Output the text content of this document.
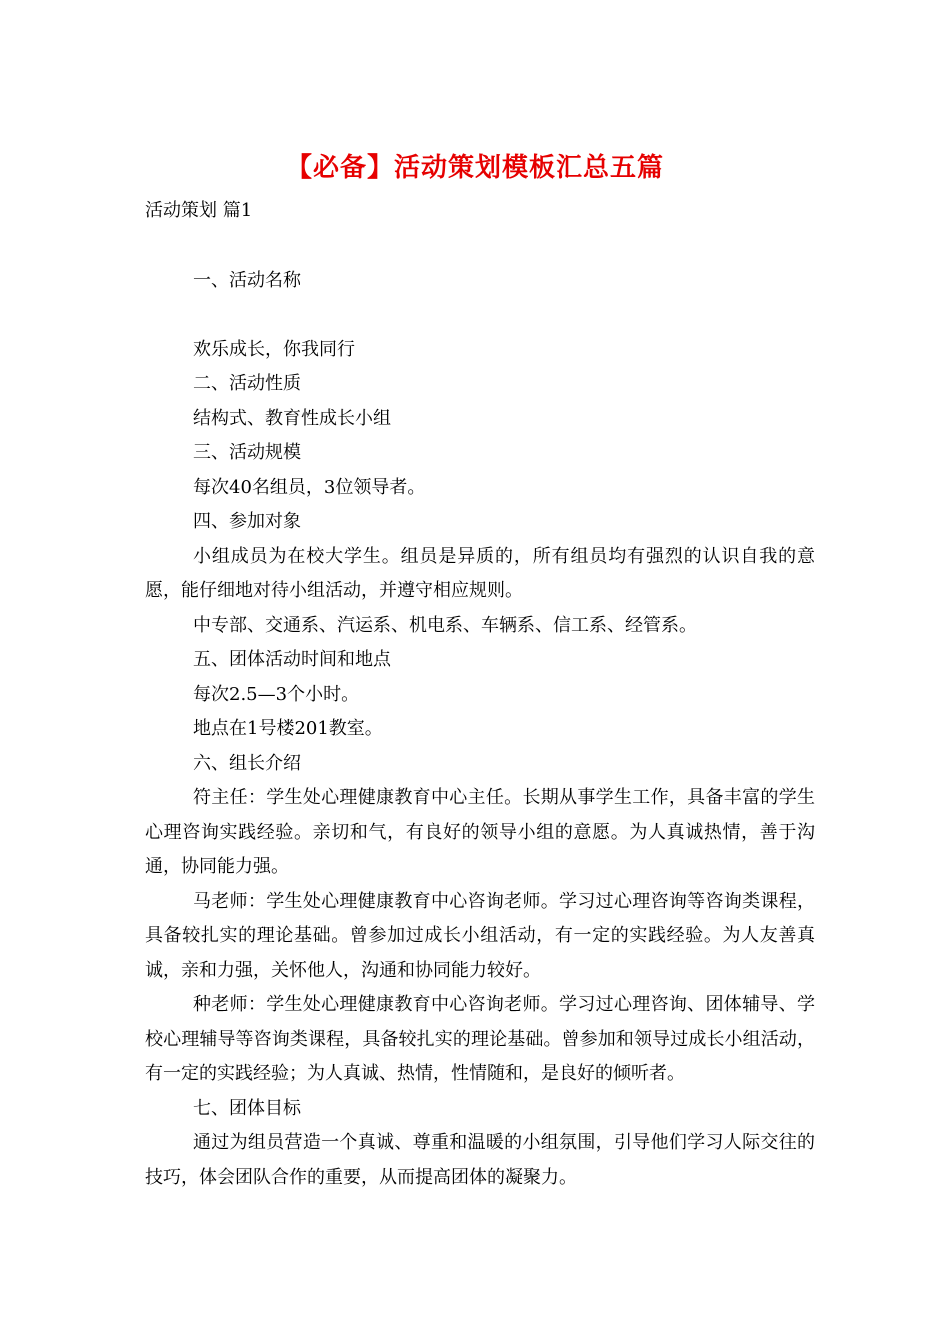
【必备】活动策划模板汇总五篇
活动策划 篇1

一、活动名称

欢乐成长，你我同行

二、活动性质

结构式、教育性成长小组

三、活动规模

每次40名组员，3位领导者。

四、参加对象

小组成员为在校大学生。组员是异质的，所有组员均有强烈的认识自我的意愿，能仔细地对待小组活动，并遵守相应规则。

中专部、交通系、汽运系、机电系、车辆系、信工系、经管系。

五、团体活动时间和地点

每次2.5—3个小时。

地点在1号楼201教室。

六、组长介绍

符主任：学生处心理健康教育中心主任。长期从事学生工作，具备丰富的学生心理咨询实践经验。亲切和气，有良好的领导小组的意愿。为人真诚热情，善于沟通，协同能力强。

马老师：学生处心理健康教育中心咨询老师。学习过心理咨询等咨询类课程，具备较扎实的理论基础。曾参加过成长小组活动，有一定的实践经验。为人友善真诚，亲和力强，关怀他人，沟通和协同能力较好。

种老师：学生处心理健康教育中心咨询老师。学习过心理咨询、团体辅导、学校心理辅导等咨询类课程，具备较扎实的理论基础。曾参加和领导过成长小组活动，有一定的实践经验；为人真诚、热情，性情随和，是良好的倾听者。

七、团体目标

通过为组员营造一个真诚、尊重和温暖的小组氛围，引导他们学习人际交往的技巧，体会团队合作的重要，从而提高团体的凝聚力。
